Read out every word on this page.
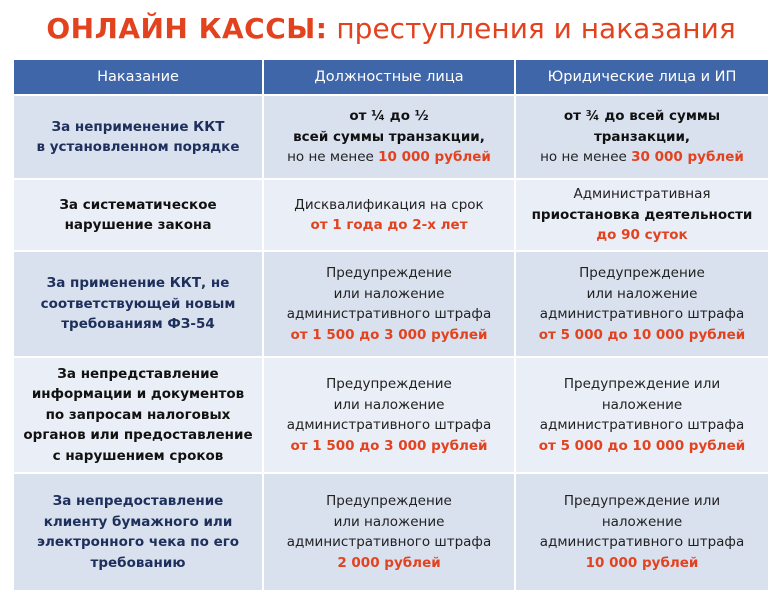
ОНЛАЙН КАССЫ: преступления и наказания
Наказание	Должностные лица	Юридические лица и ИП

За неприменение ККТ
в установленном порядке	от ¼ до ½
всей суммы транзакции,
но не менее 10 000 рублей	от ¾ до всей суммы
транзакции,
но не менее 30 000 рублей

За систематическое
нарушение закона	Дисквалификация на срок
от 1 года до 2-х лет	Административная
приостановка деятельности
до 90 суток

За применение ККТ, не
соответствующей новым
требованиям ФЗ-54	Предупреждение
или наложение
административного штрафа
от 1 500 до 3 000 рублей	Предупреждение
или наложение
административного штрафа
от 5 000 до 10 000 рублей

За непредставление
информации и документов
по запросам налоговых
органов или предоставление
с нарушением сроков	Предупреждение
или наложение
административного штрафа
от 1 500 до 3 000 рублей	Предупреждение или
наложение
административного штрафа
от 5 000 до 10 000 рублей

За непредоставление
клиенту бумажного или
электронного чека по его
требованию	Предупреждение
или наложение
административного штрафа
2 000 рублей	Предупреждение или
наложение
административного штрафа
10 000 рублей
